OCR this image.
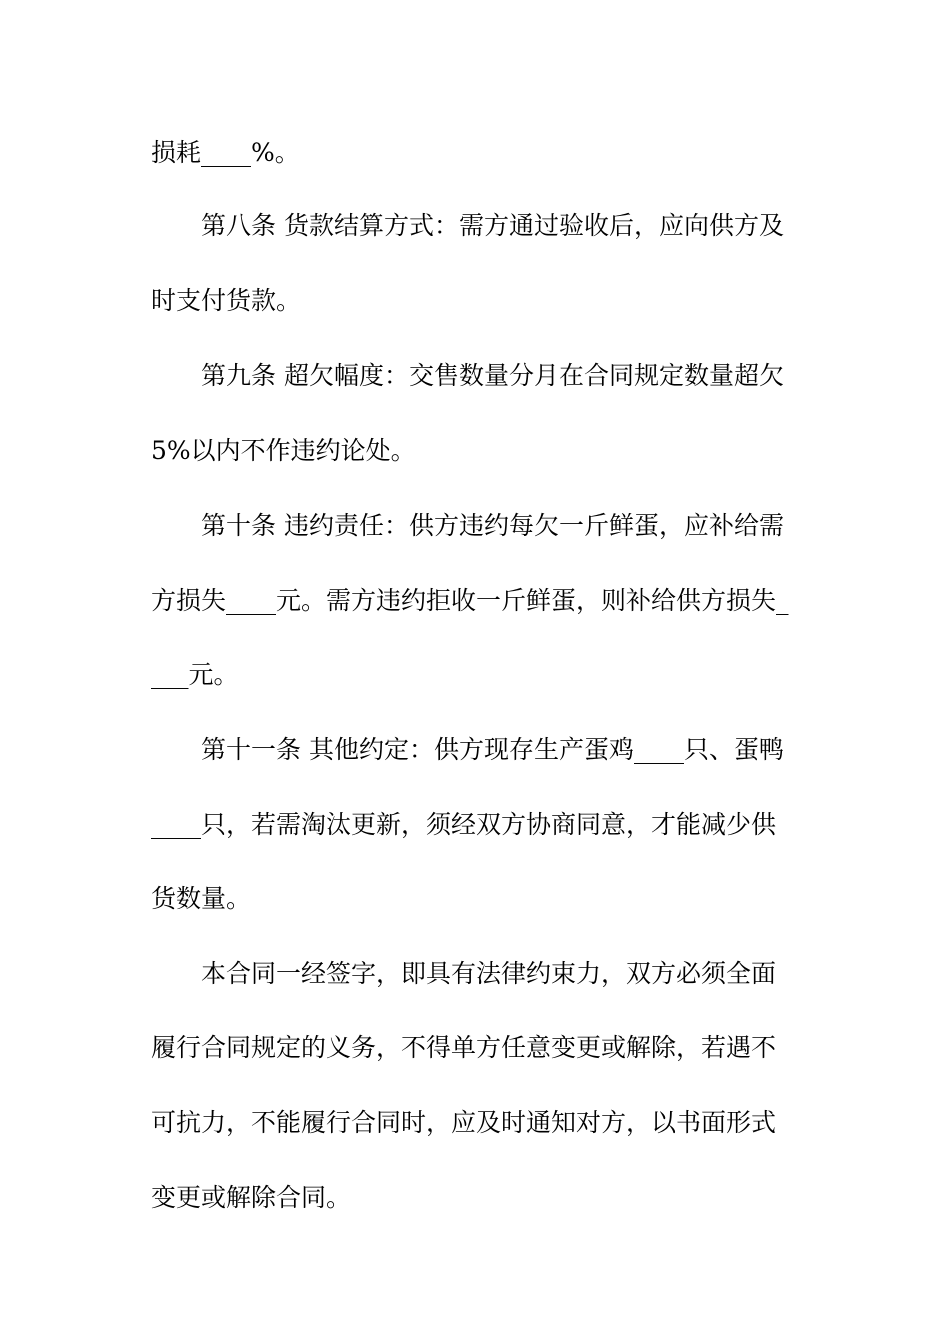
损耗____%。
第八条 货款结算方式：需方通过验收后，应向供方及
时支付货款。
第九条 超欠幅度：交售数量分月在合同规定数量超欠
5%以内不作违约论处。
第十条 违约责任：供方违约每欠一斤鲜蛋，应补给需
方损失____元。需方违约拒收一斤鲜蛋，则补给供方损失_
___元。
第十一条 其他约定：供方现存生产蛋鸡____只、蛋鸭
____只，若需淘汰更新，须经双方协商同意，才能减少供
货数量。
本合同一经签字，即具有法律约束力，双方必须全面
履行合同规定的义务，不得单方任意变更或解除，若遇不
可抗力，不能履行合同时，应及时通知对方，以书面形式
变更或解除合同。
